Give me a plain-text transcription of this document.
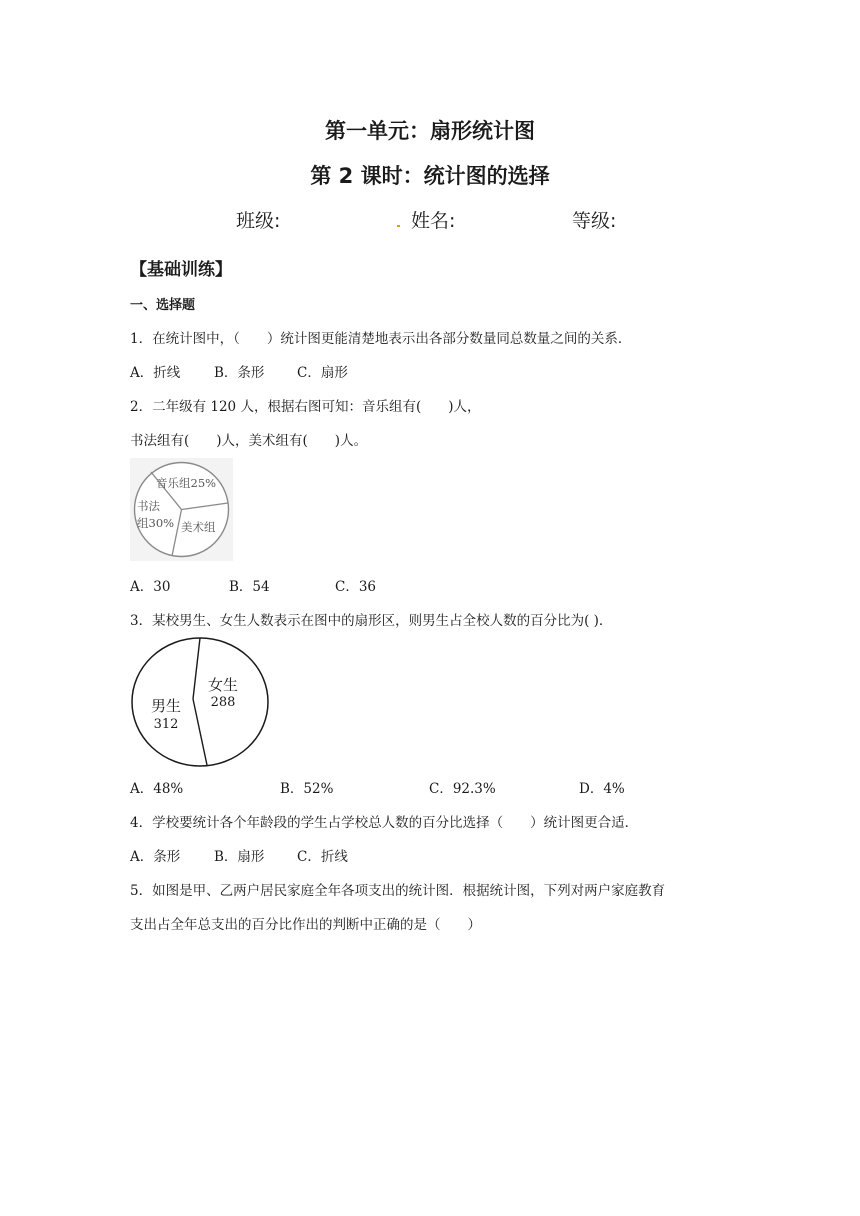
第一单元：扇形统计图
第 2 课时：统计图的选择
班级:	姓名:	等级:
【基础训练】
一、选择题
1．在统计图中，（　　）统计图更能清楚地表示出各部分数量同总数量之间的关系．
A．折线	B．条形 C．扇形
2．二年级有 120 人，根据右图可知：音乐组有(　　)人，
书法组有(　　)人，美术组有(　　)人。
音乐组25%
书法
组30% 美术组
A．30	B．54	C．36
3．某校男生、女生人数表示在图中的扇形区，则男生占全校人数的百分比为( )．
女生
288
男生
312
A．48%	B．52%	C．92.3%	D．4%
4．学校要统计各个年龄段的学生占学校总人数的百分比选择（　　）统计图更合适．
A．条形	B．扇形 C．折线
5．如图是甲、乙两户居民家庭全年各项支出的统计图．根据统计图，下列对两户家庭教育
支出占全年总支出的百分比作出的判断中正确的是（　　）
